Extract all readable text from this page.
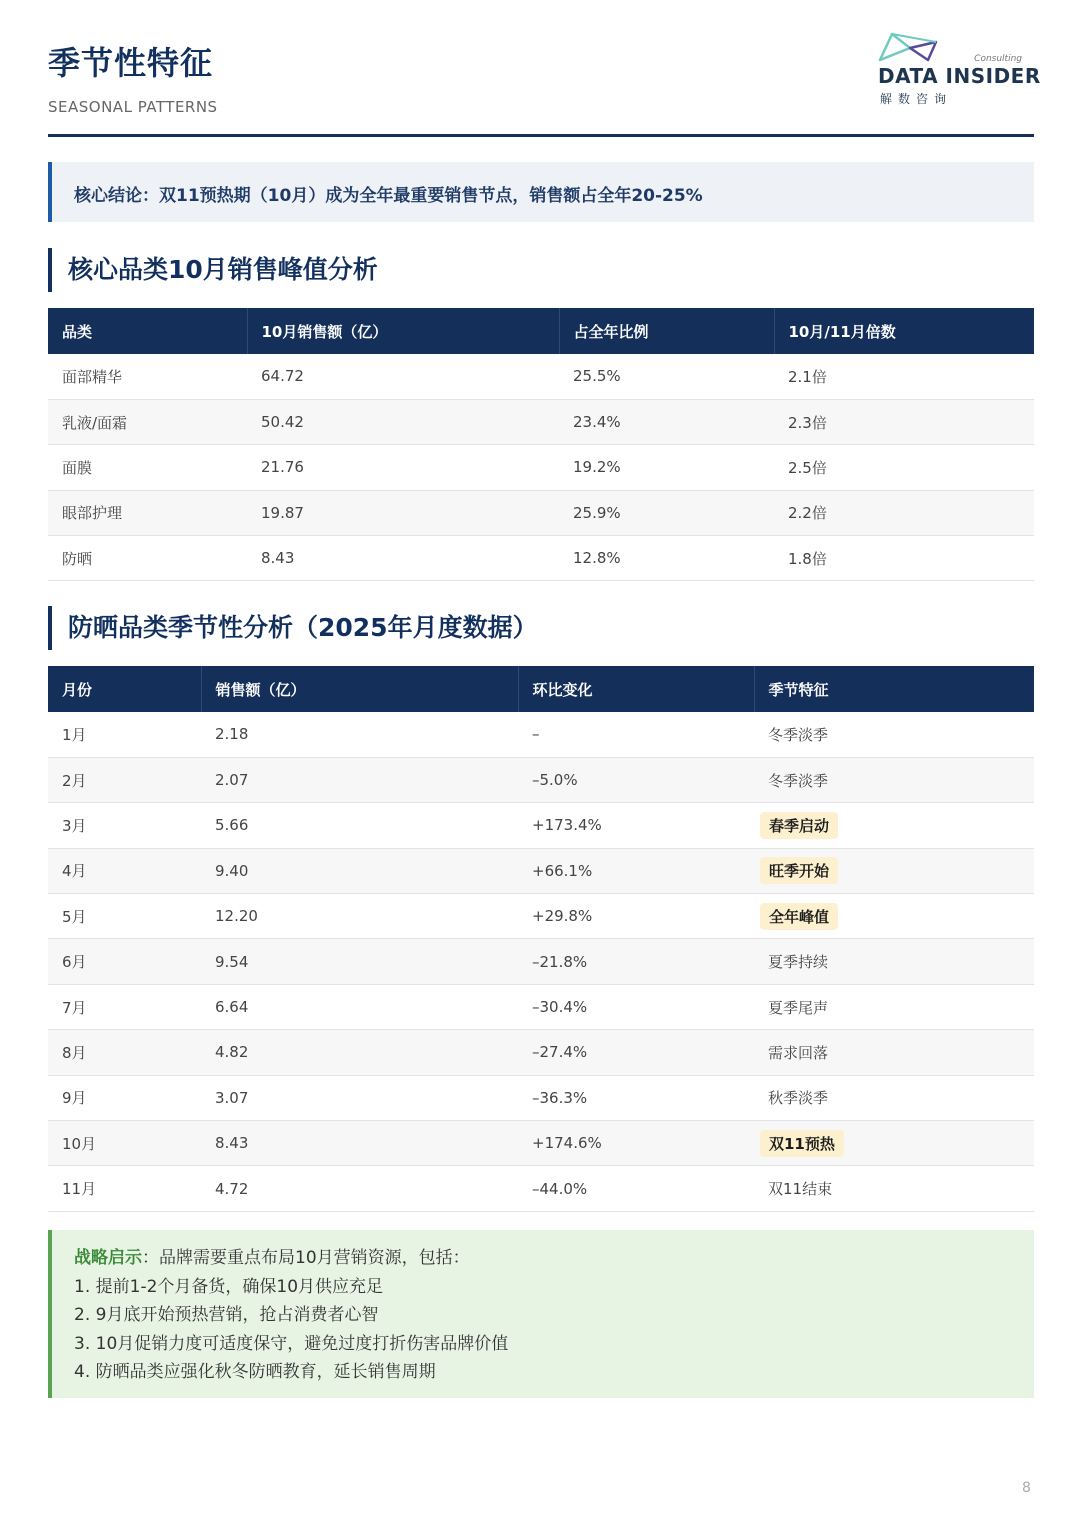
季节性特征
SEASONAL PATTERNS
Consulting
DATA INSIDER
解数咨询
核心结论：双11预热期（10月）成为全年最重要销售节点，销售额占全年20-25%
核心品类10月销售峰值分析
品类	10月销售额（亿）	占全年比例	10月/11月倍数
面部精华	64.72	25.5%	2.1倍
乳液/面霜	50.42	23.4%	2.3倍
面膜	21.76	19.2%	2.5倍
眼部护理	19.87	25.9%	2.2倍
防晒	8.43	12.8%	1.8倍
防晒品类季节性分析（2025年月度数据）
月份	销售额（亿）	环比变化	季节特征
1月	2.18	–	冬季淡季
2月	2.07	–5.0%	冬季淡季
3月	5.66	+173.4%	春季启动
4月	9.40	+66.1%	旺季开始
5月	12.20	+29.8%	全年峰值
6月	9.54	–21.8%	夏季持续
7月	6.64	–30.4%	夏季尾声
8月	4.82	–27.4%	需求回落
9月	3.07	–36.3%	秋季淡季
10月	8.43	+174.6%	双11预热
11月	4.72	–44.0%	双11结束
战略启示：品牌需要重点布局10月营销资源，包括：
1. 提前1-2个月备货，确保10月供应充足
2. 9月底开始预热营销，抢占消费者心智
3. 10月促销力度可适度保守，避免过度打折伤害品牌价值
4. 防晒品类应强化秋冬防晒教育，延长销售周期
8
